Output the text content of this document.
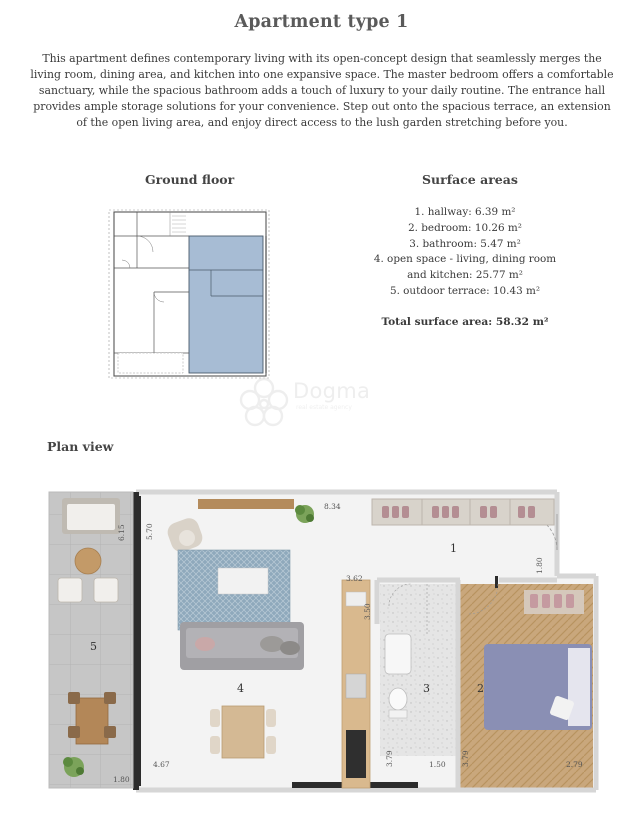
Apartment type 1
This apartment defines contemporary living with its open-concept design that seamlessly merges the living room, dining area, and kitchen into one expansive space. The master bedroom offers a comfortable sanctuary, while the spacious bathroom adds a touch of luxury to your daily routine. The entrance hall provides ample storage solutions for your convenience. Step out onto the spacious terrace, an extension of the open living area, and enjoy direct access to the lush garden stretching before you.
Ground floor	Surface areas
1. hallway: 6.39 m²
2. bedroom: 10.26 m²
3. bathroom: 5.47 m²
4. open space - living, dining room
and kitchen: 25.77 m²
5. outdoor terrace: 10.43 m²
Total surface area: 58.32 m²
Dogma
real estate agency
Plan view
1
2
3
4
5
8.34
6.15	5.70
1.80
3.62
3.50
3.79	1.50 3.79	2.79
4.67
1.80
